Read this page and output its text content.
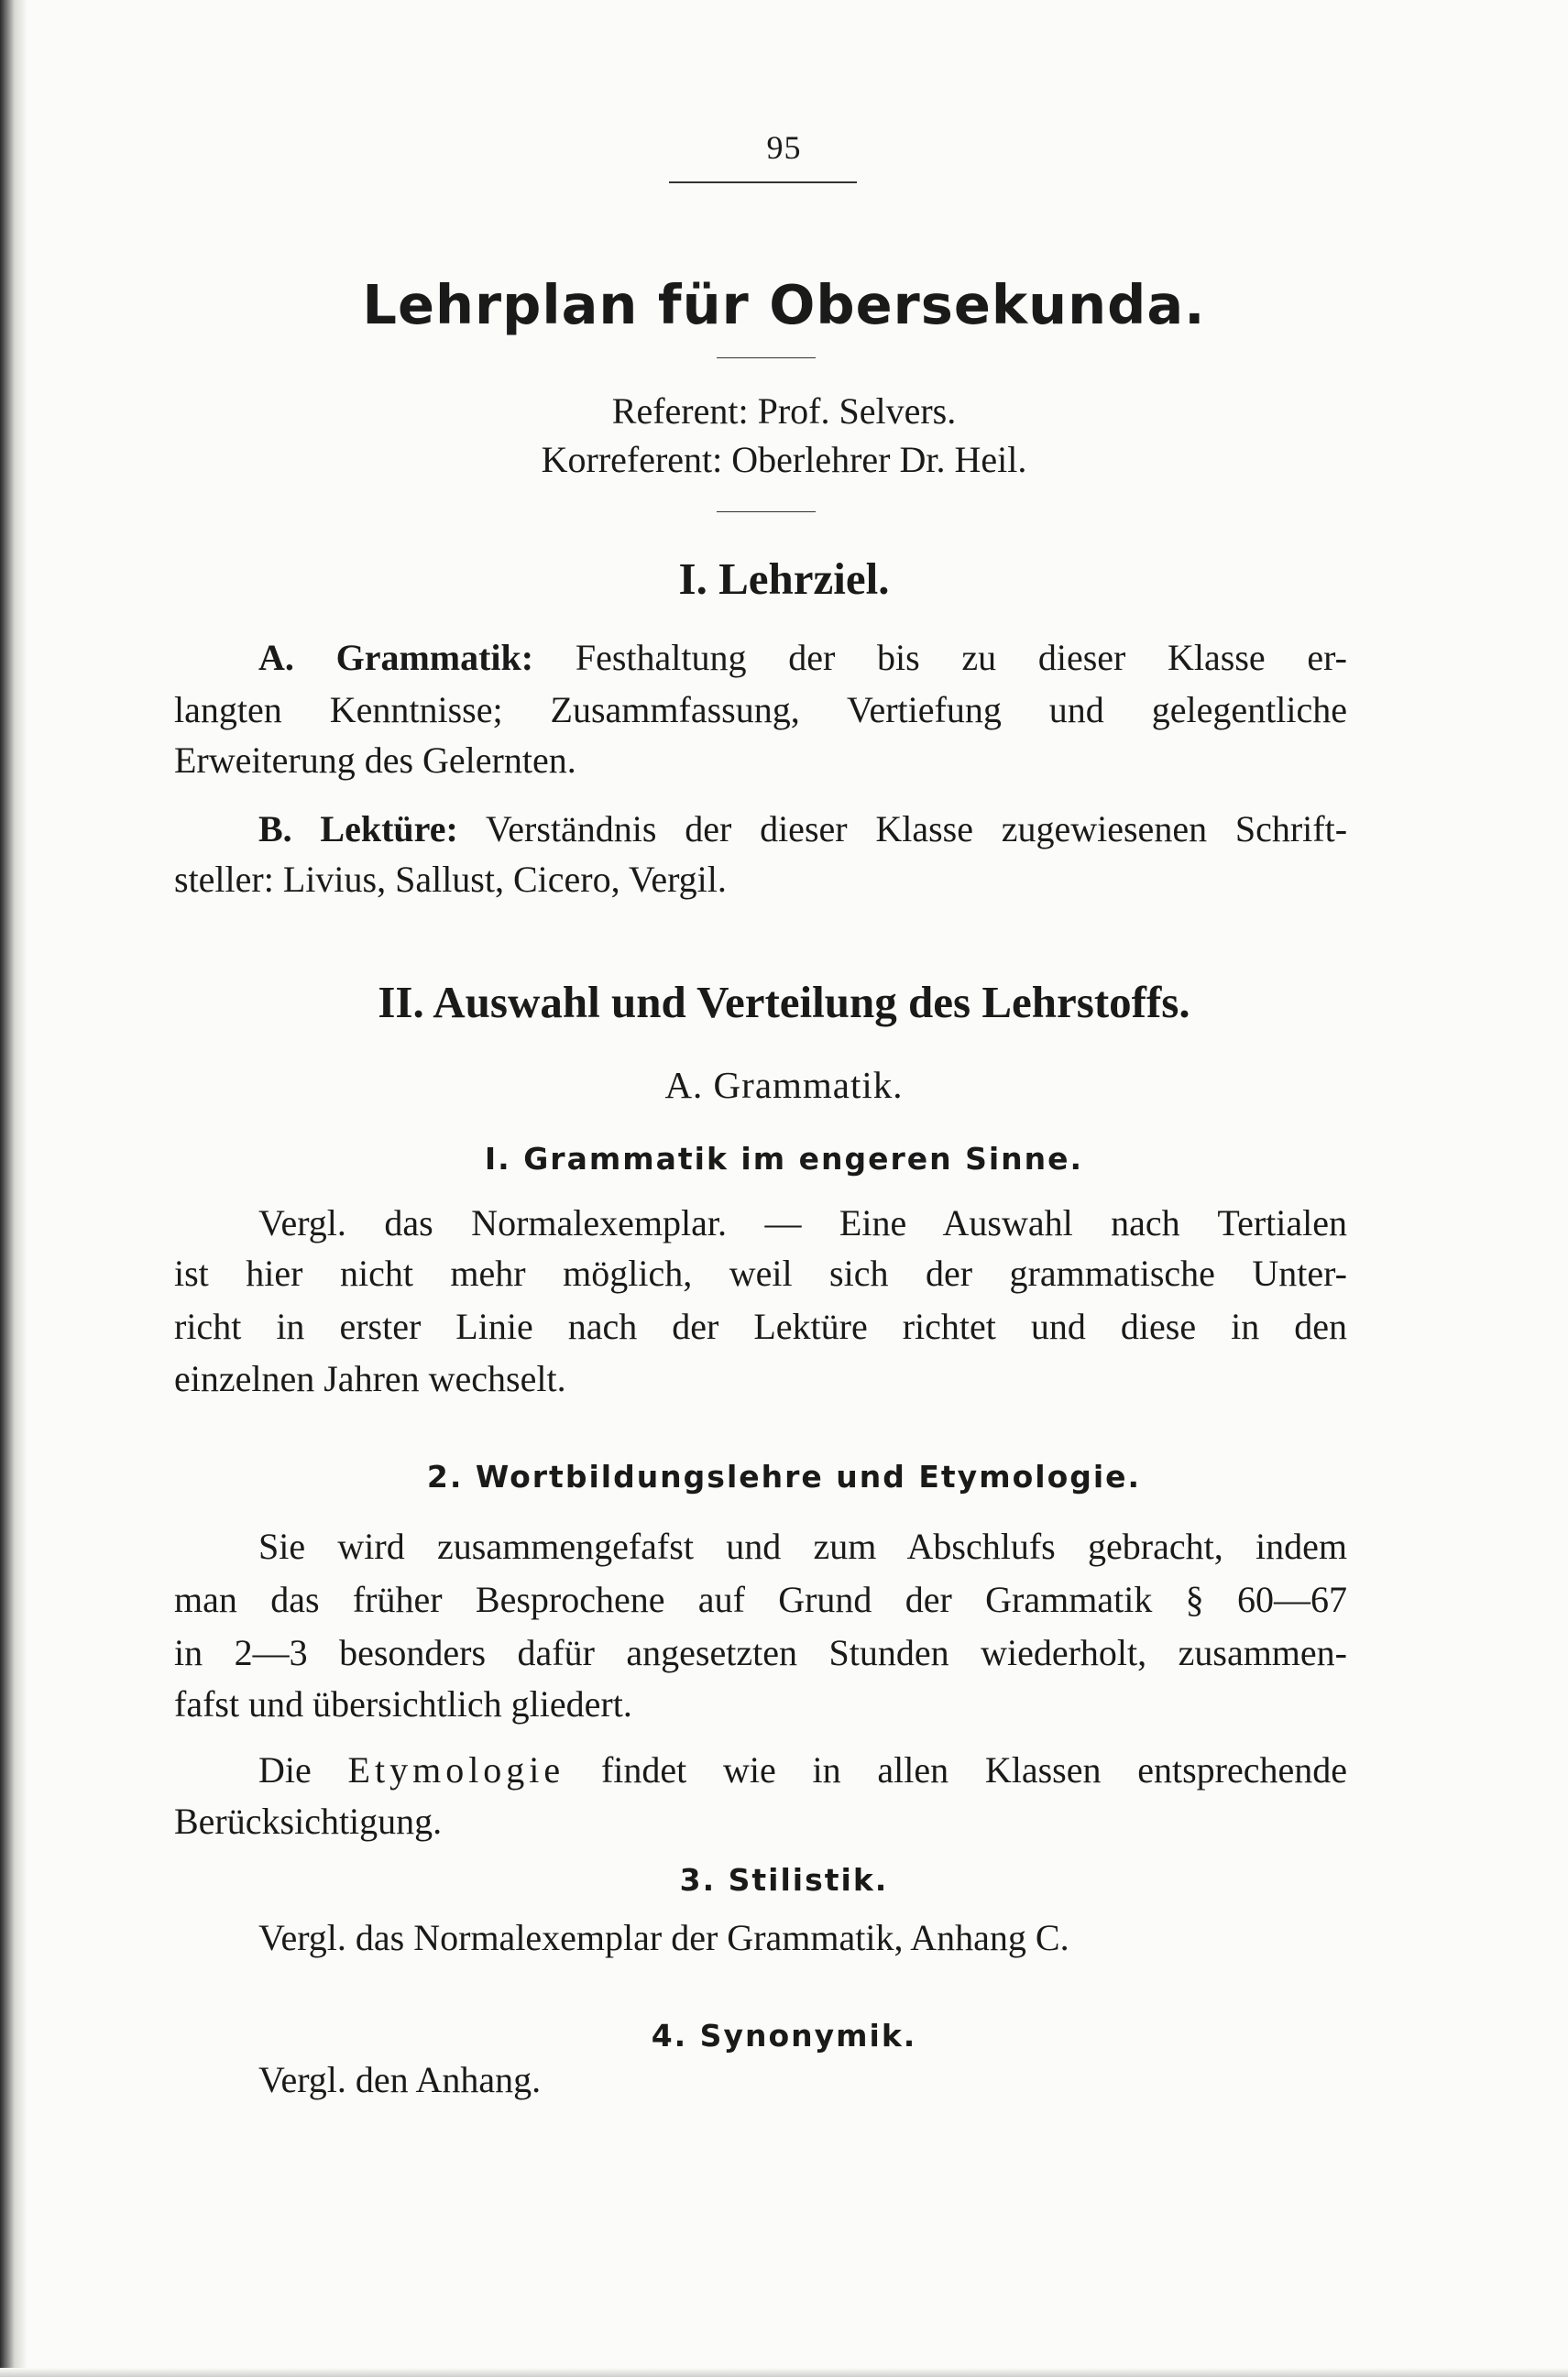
95
Lehrplan für Obersekunda.
Referent: Prof. Selvers.
Korreferent: Oberlehrer Dr. Heil.
I. Lehrziel.
A. Grammatik: Festhaltung der bis zu dieser Klasse er-
langten Kenntnisse; Zusammfassung, Vertiefung und gelegentliche
Erweiterung des Gelernten.
B. Lektüre: Verständnis der dieser Klasse zugewiesenen Schrift-
steller: Livius, Sallust, Cicero, Vergil.
II. Auswahl und Verteilung des Lehrstoffs.
A. Grammatik.
I. Grammatik im engeren Sinne.
Vergl. das Normalexemplar. — Eine Auswahl nach Tertialen
ist hier nicht mehr möglich, weil sich der grammatische Unter-
richt in erster Linie nach der Lektüre richtet und diese in den
einzelnen Jahren wechselt.
2. Wortbildungslehre und Etymologie.
Sie wird zusammengefafst und zum Abschlufs gebracht, indem
man das früher Besprochene auf Grund der Grammatik § 60—67
in 2—3 besonders dafür angesetzten Stunden wiederholt, zusammen-
fafst und übersichtlich gliedert.
Die Etymologie findet wie in allen Klassen entsprechende
Berücksichtigung.
3. Stilistik.
Vergl. das Normalexemplar der Grammatik, Anhang C.
4. Synonymik.
Vergl. den Anhang.
